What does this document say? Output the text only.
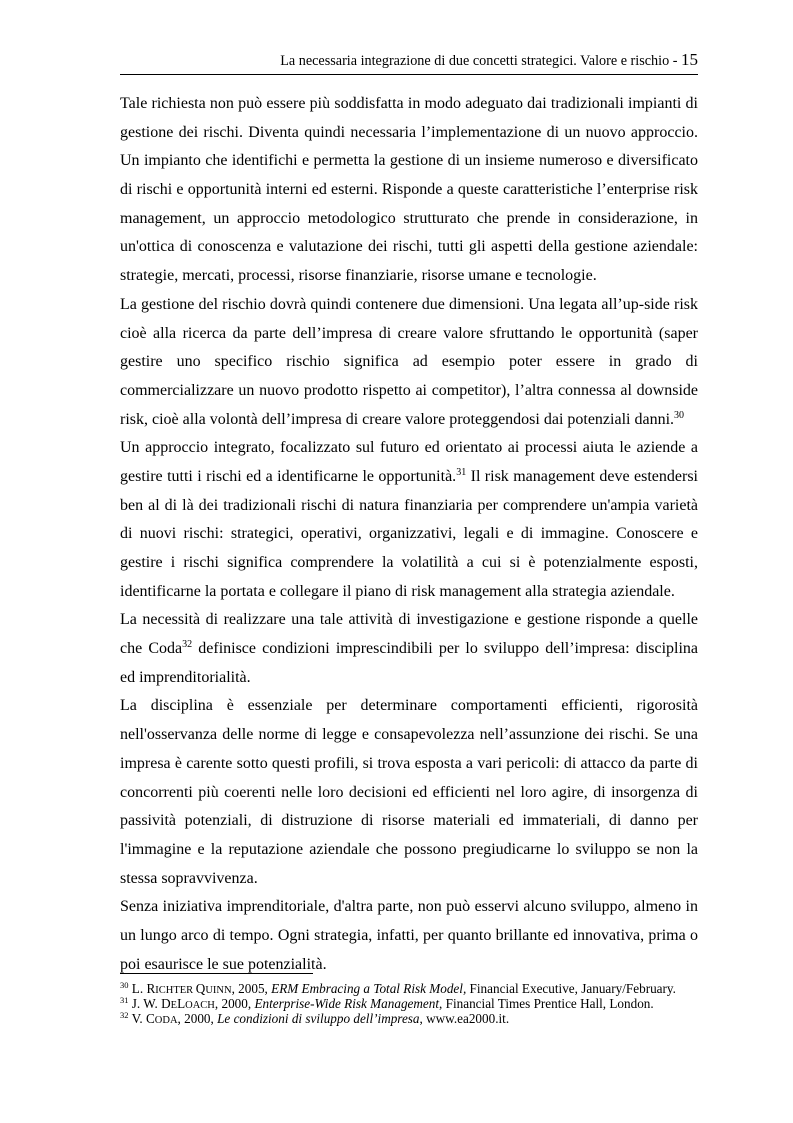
La necessaria integrazione di due concetti strategici. Valore e rischio - 15
Tale richiesta non può essere più soddisfatta in modo adeguato dai tradizionali impianti di
gestione dei rischi. Diventa quindi necessaria l’implementazione di un nuovo approccio.
Un impianto che identifichi e permetta la gestione di un insieme numeroso e diversificato
di rischi e opportunità interni ed esterni. Risponde a queste caratteristiche l’enterprise risk
management, un approccio metodologico strutturato che prende in considerazione, in
un'ottica di conoscenza e valutazione dei rischi, tutti gli aspetti della gestione aziendale:
strategie, mercati, processi, risorse finanziarie, risorse umane e tecnologie.
La gestione del rischio dovrà quindi contenere due dimensioni. Una legata all’up-side risk
cioè alla ricerca da parte dell’impresa di creare valore sfruttando le opportunità (saper
gestire uno specifico rischio significa ad esempio poter essere in grado di
commercializzare un nuovo prodotto rispetto ai competitor), l’altra connessa al downside
risk, cioè alla volontà dell’impresa di creare valore proteggendosi dai potenziali danni.$^{30}$
Un approccio integrato, focalizzato sul futuro ed orientato ai processi aiuta le aziende a
gestire tutti i rischi ed a identificarne le opportunità.$^{31}$ Il risk management deve estendersi
ben al di là dei tradizionali rischi di natura finanziaria per comprendere un'ampia varietà
di nuovi rischi: strategici, operativi, organizzativi, legali e di immagine. Conoscere e
gestire i rischi significa comprendere la volatilità a cui si è potenzialmente esposti,
identificarne la portata e collegare il piano di risk management alla strategia aziendale.
La necessità di realizzare una tale attività di investigazione e gestione risponde a quelle
che Coda$^{32}$ definisce condizioni imprescindibili per lo sviluppo dell’impresa: disciplina
ed imprenditorialità.
La disciplina è essenziale per determinare comportamenti efficienti, rigorosità
nell'osservanza delle norme di legge e consapevolezza nell’assunzione dei rischi. Se una
impresa è carente sotto questi profili, si trova esposta a vari pericoli: di attacco da parte di
concorrenti più coerenti nelle loro decisioni ed efficienti nel loro agire, di insorgenza di
passività potenziali, di distruzione di risorse materiali ed immateriali, di danno per
l'immagine e la reputazione aziendale che possono pregiudicarne lo sviluppo se non la
stessa sopravvivenza.
Senza iniziativa imprenditoriale, d'altra parte, non può esservi alcuno sviluppo, almeno in
un lungo arco di tempo. Ogni strategia, infatti, per quanto brillante ed innovativa, prima o
poi esaurisce le sue potenzialità.
$^{30}$ L. RICHTER QUINN, 2005, ERM Embracing a Total Risk Model, Financial Executive, January/February.
$^{31}$ J. W. DELOACH, 2000, Enterprise-Wide Risk Management, Financial Times Prentice Hall, London.
$^{32}$ V. CODA, 2000, Le condizioni di sviluppo dell’impresa, www.ea2000.it.
